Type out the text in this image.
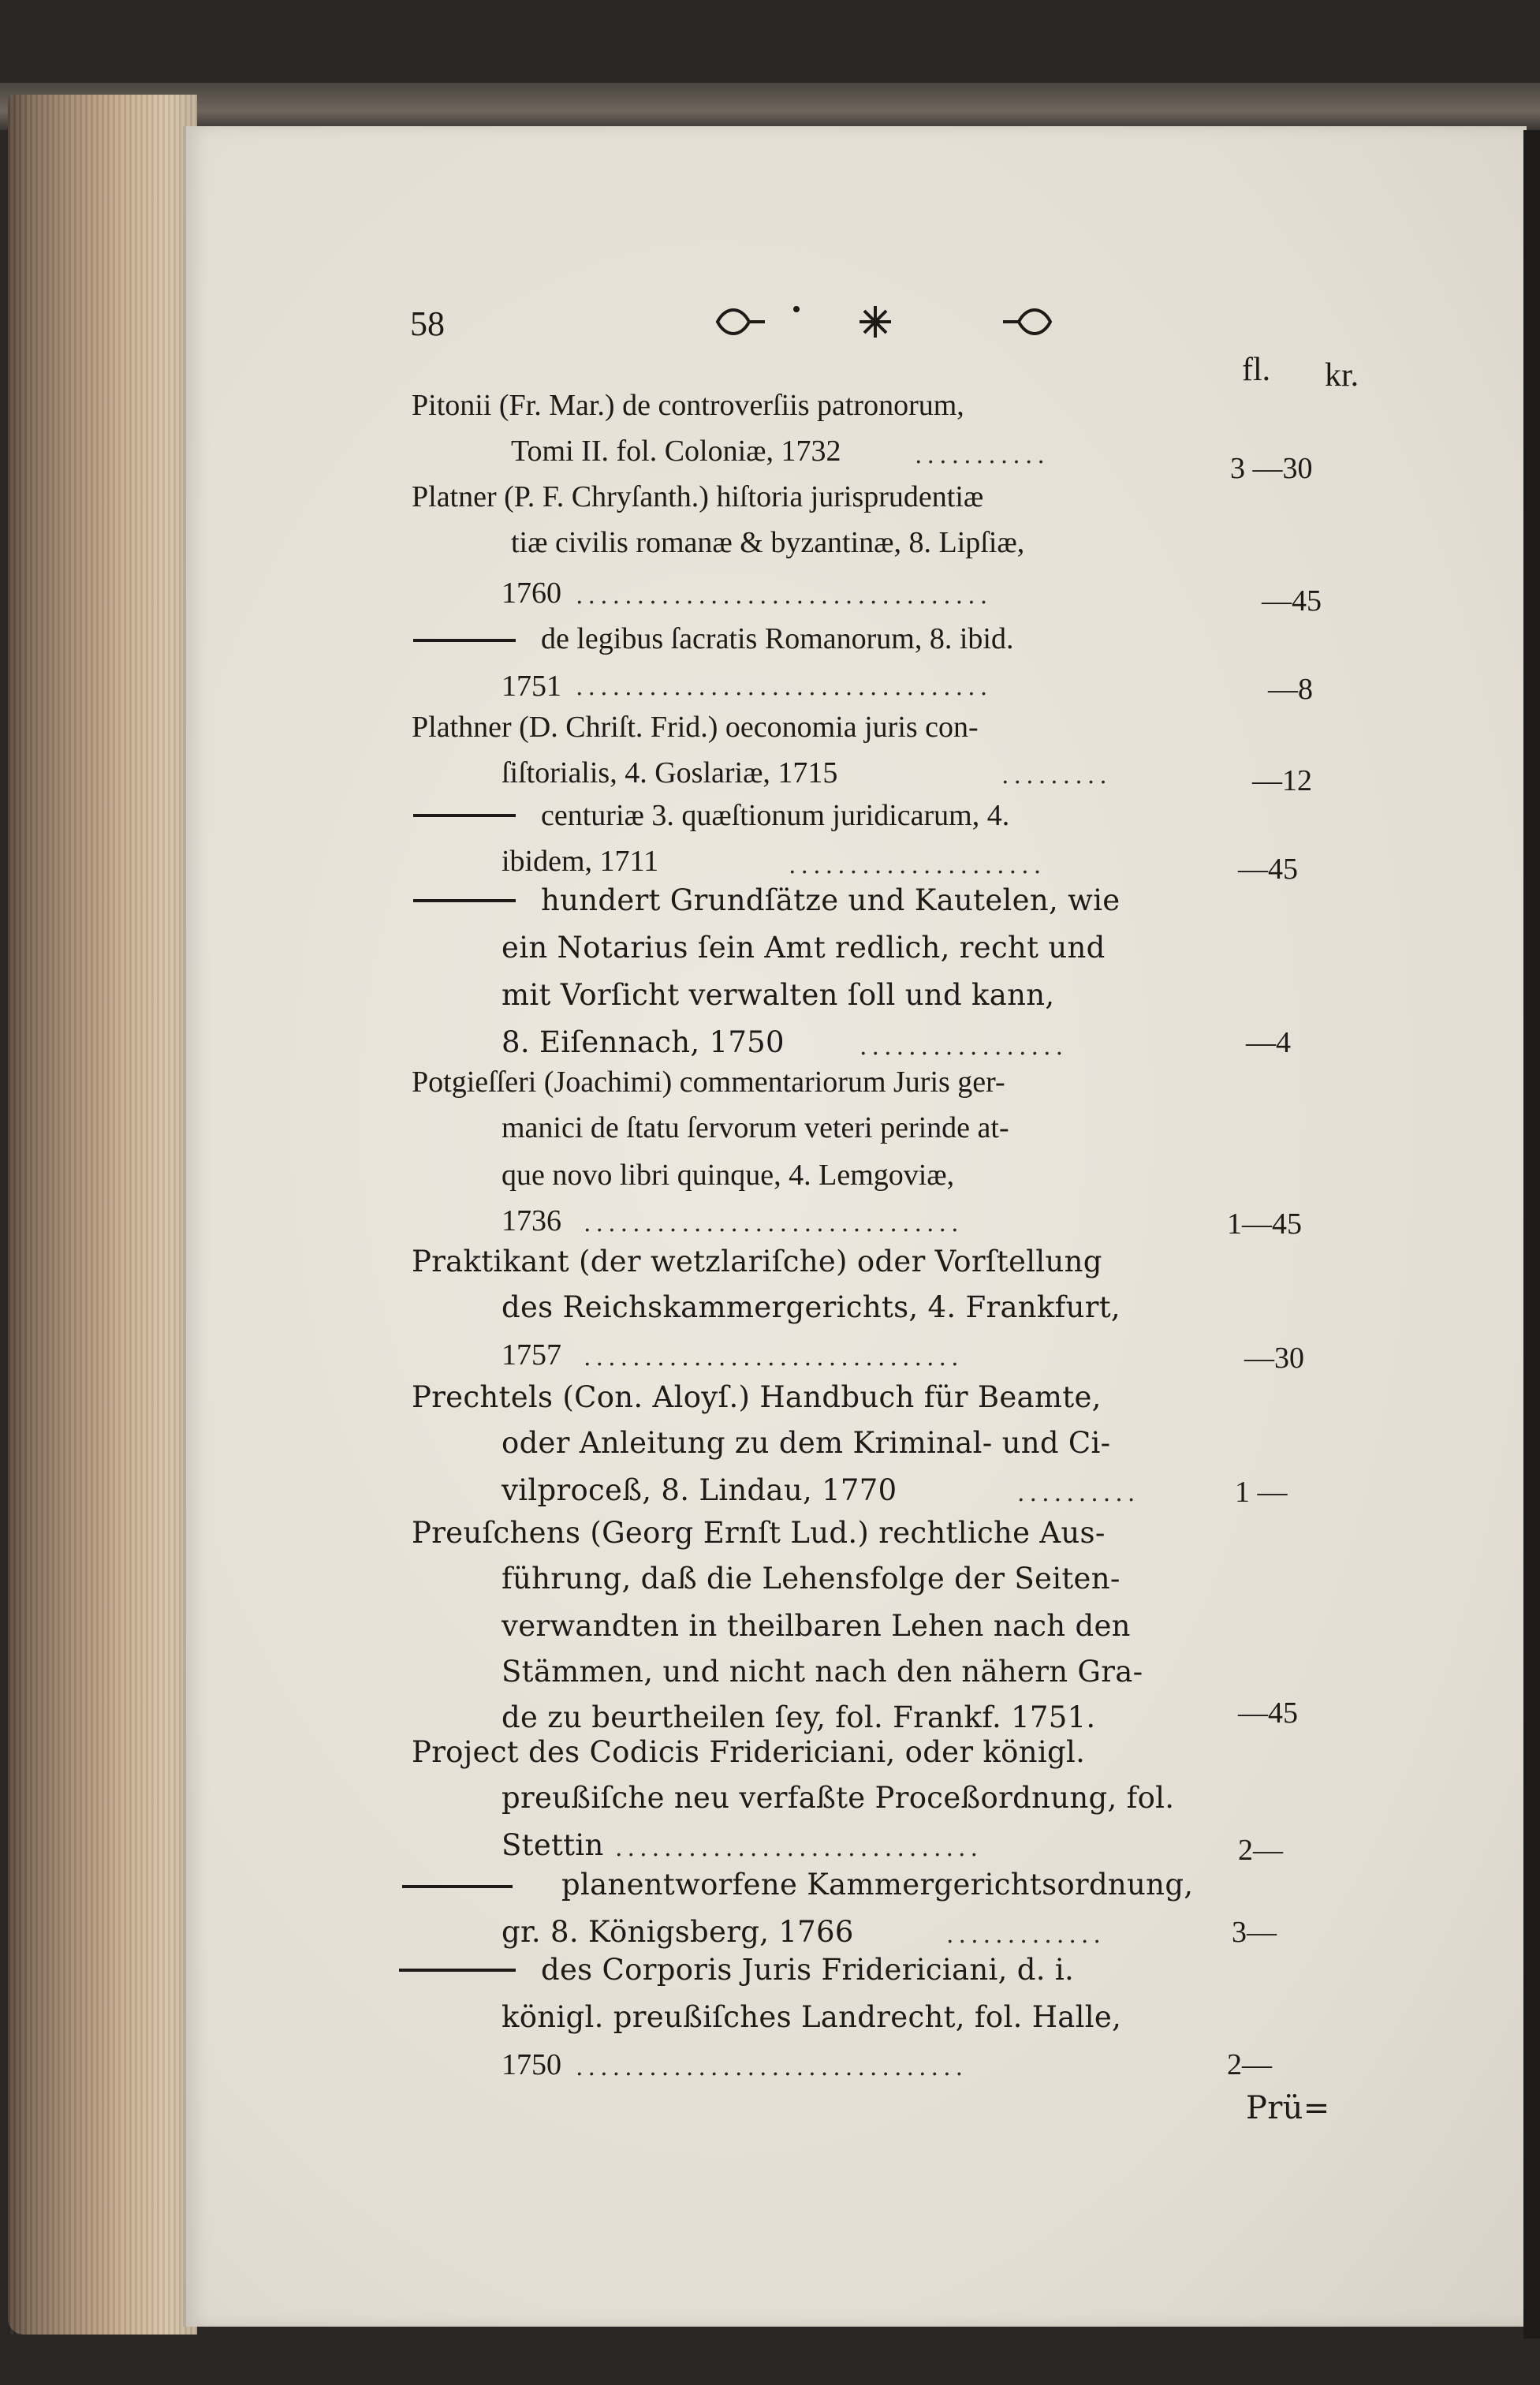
58
fl. kr.
Pitonii (Fr. Mar.) de controverſiis patronorum,
Tomi II. fol. Coloniæ, 1732	...........	3 —30
Platner (P. F. Chryſanth.) hiſtoria jurisprudentiæ
tiæ civilis romanæ & byzantinæ, 8. Lipſiæ,
1760 ..................................	—45
de legibus ſacratis Romanorum, 8. ibid.
1751 ..................................	—8
Plathner (D. Chriſt. Frid.) oeconomia juris con-
ſiſtorialis, 4. Goslariæ, 1715	.........	—12
centuriæ 3. quæſtionum juridicarum, 4.
ibidem, 1711	.....................	—45
hundert Grundſätze und Kautelen, wie
ein Notarius ſein Amt redlich, recht und
mit Vorſicht verwalten ſoll und kann,
8. Eiſennach, 1750	.................	—4
Potgieſſeri (Joachimi) commentariorum Juris ger-
manici de ſtatu ſervorum veteri perinde at-
que novo libri quinque, 4. Lemgoviæ,
1736 ...............................	1—45
Praktikant (der wetzlariſche) oder Vorſtellung
des Reichskammergerichts, 4. Frankfurt,
1757 ...............................	—30
Prechtels (Con. Aloyſ.) Handbuch für Beamte,
oder Anleitung zu dem Kriminal- und Ci-
vilproceß, 8. Lindau, 1770	..........	1 —
Preuſchens (Georg Ernſt Lud.) rechtliche Aus-
führung, daß die Lehensfolge der Seiten-
verwandten in theilbaren Lehen nach den
Stämmen, und nicht nach den nähern Gra-
de zu beurtheilen ſey, fol. Frankf. 1751.	—45
Project des Codicis Fridericiani, oder königl.
preußiſche neu verfaßte Proceßordnung, fol.
Stettin ..............................	2—
planentworfene Kammergerichtsordnung,
gr. 8. Königsberg, 1766	.............	3—
des Corporis Juris Fridericiani, d. i.
königl. preußiſches Landrecht, fol. Halle,
1750 ................................	2—
Prü=
